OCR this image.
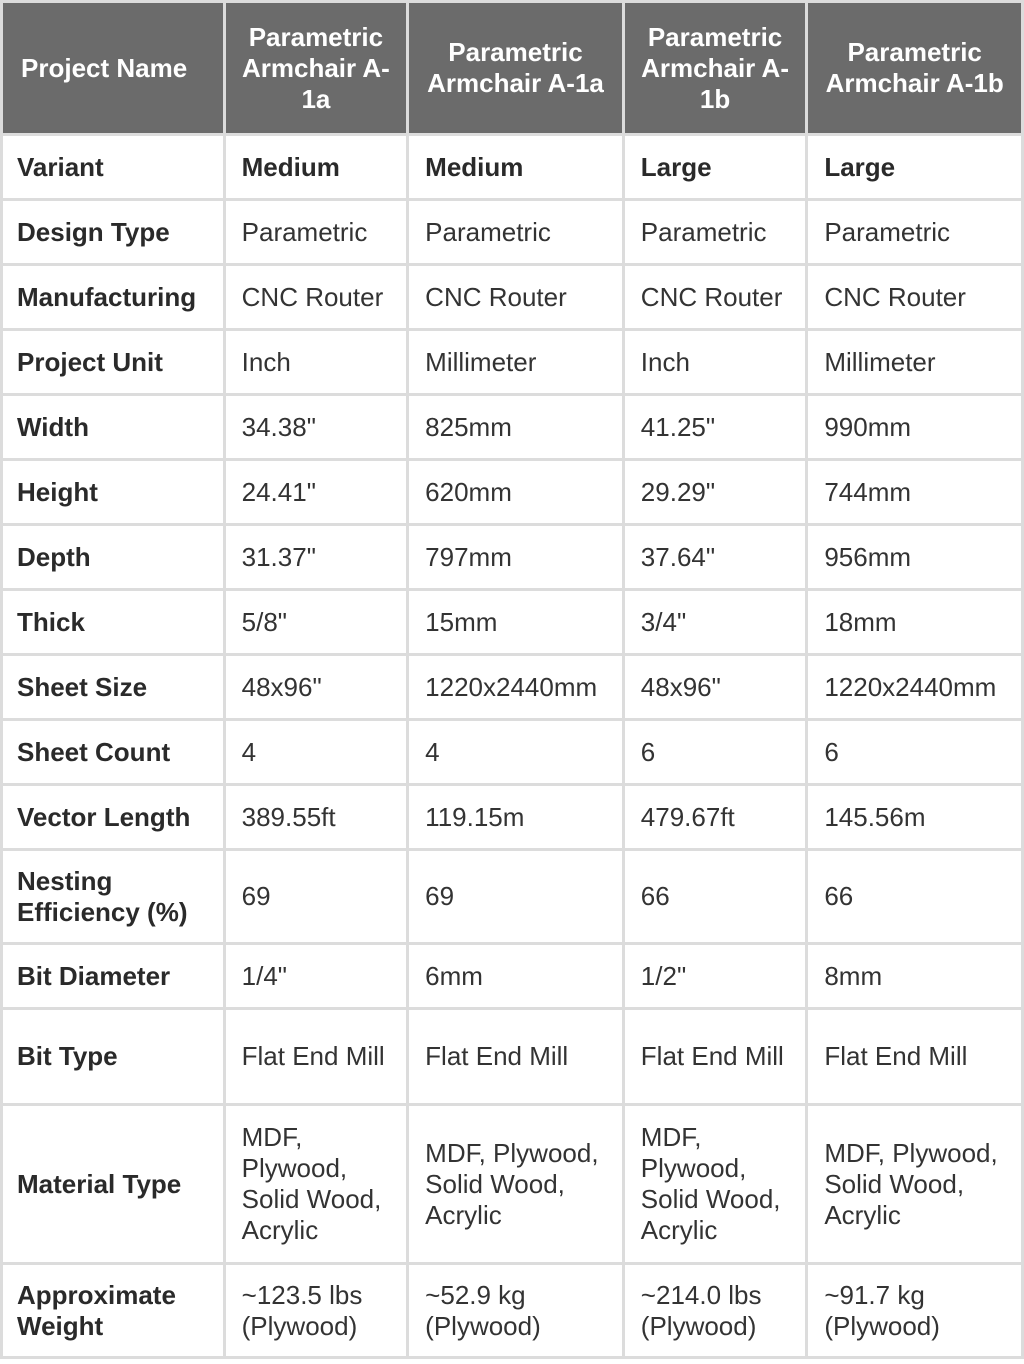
Project Name	Parametric Armchair A-1a	Parametric Armchair A-1a	Parametric Armchair A-1b	Parametric Armchair A-1b
Variant	Medium	Medium	Large	Large
Design Type	Parametric	Parametric	Parametric	Parametric
Manufacturing	CNC Router	CNC Router	CNC Router	CNC Router
Project Unit	Inch	Millimeter	Inch	Millimeter
Width	34.38"	825mm	41.25"	990mm
Height	24.41"	620mm	29.29"	744mm
Depth	31.37"	797mm	37.64"	956mm
Thick	5/8"	15mm	3/4"	18mm
Sheet Size	48x96"	1220x2440mm	48x96"	1220x2440mm
Sheet Count	4	4	6	6
Vector Length	389.55ft	119.15m	479.67ft	145.56m
Nesting Efficiency (%)	69	69	66	66
Bit Diameter	1/4"	6mm	1/2"	8mm
Bit Type	Flat End Mill	Flat End Mill	Flat End Mill	Flat End Mill
Material Type	MDF, Plywood, Solid Wood, Acrylic	MDF, Plywood, Solid Wood, Acrylic	MDF, Plywood, Solid Wood, Acrylic	MDF, Plywood, Solid Wood, Acrylic
Approximate Weight	~123.5 lbs (Plywood)	~52.9 kg (Plywood)	~214.0 lbs (Plywood)	~91.7 kg (Plywood)
